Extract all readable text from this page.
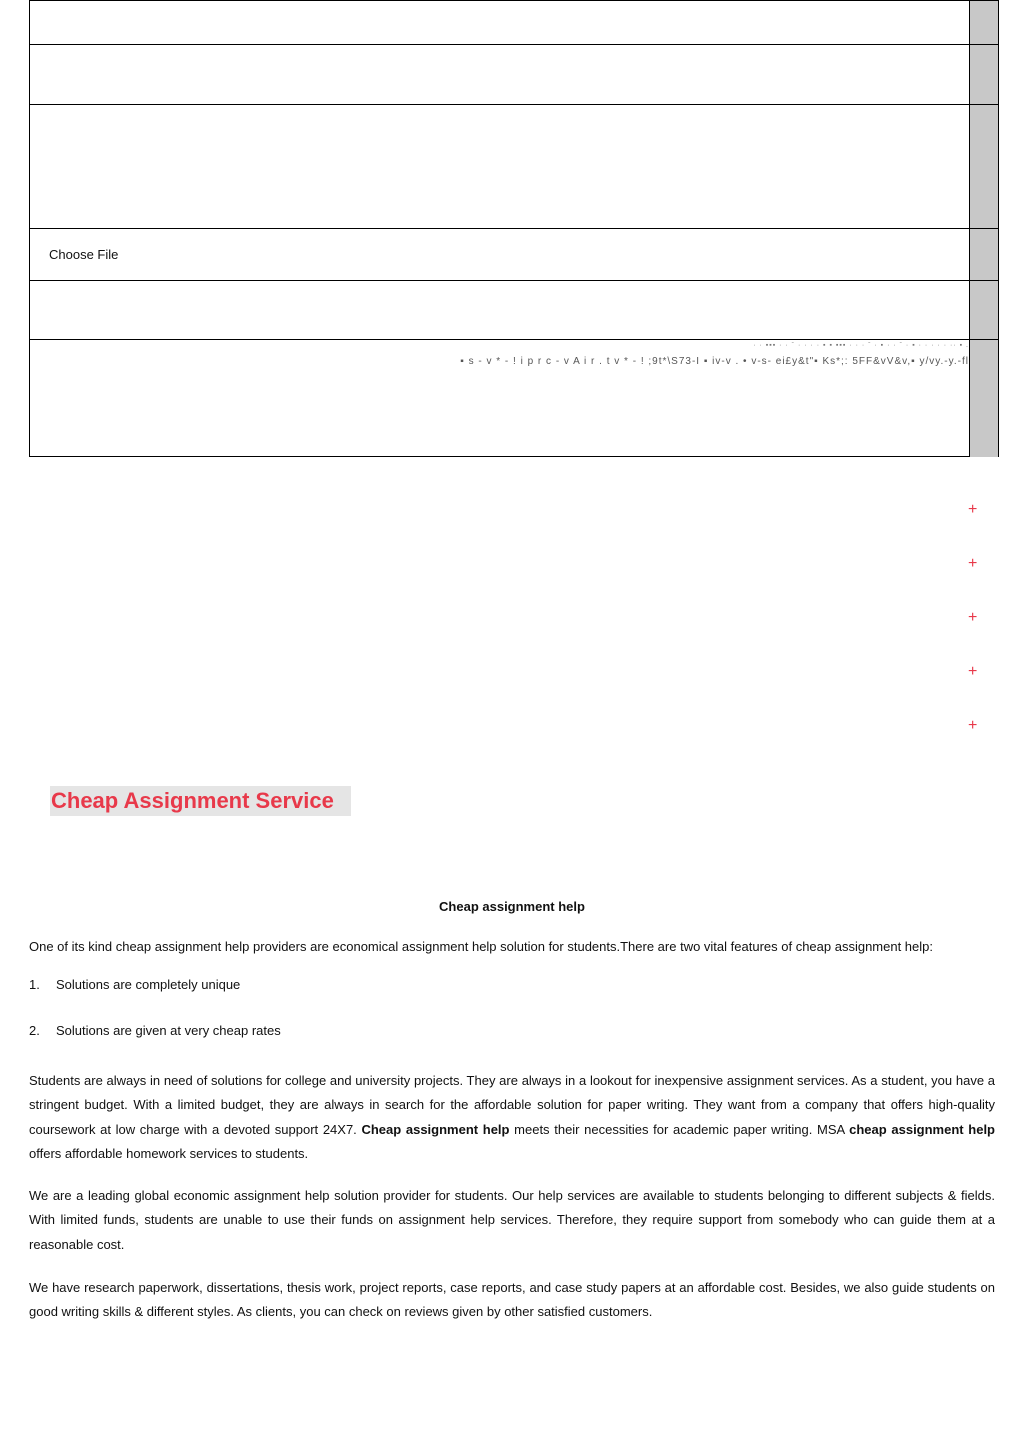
Choose File
· · ▪▪▪ · · ˉ · · · · ▪ ▪ ▪▪▪ · · · ˉ · ▪ · · ˉ · ▪ · · · · · ·· ▪ .
▪ s - v * - ! i p r c - v A i r . t v * - ! ;9t*\S73-I ▪ iv-v . • v-s- ei£y&t"▪ Ks*;: 5FF&vV&v,▪ y/vy.-y.-fl
+
+
+
+
+
Cheap Assignment Service
Cheap assignment help

One of its kind cheap assignment help providers are economical assignment help solution for students.There are two vital features of cheap assignment help:

1. Solutions are completely unique

2. Solutions are given at very cheap rates

Students are always in need of solutions for college and university projects. They are always in a lookout for inexpensive assignment services. As a student, you have a stringent budget. With a limited budget, they are always in search for the affordable solution for paper writing. They want from a company that offers high-quality coursework at low charge with a devoted support 24X7. Cheap assignment help meets their necessities for academic paper writing. MSA cheap assignment help offers affordable homework services to students.

We are a leading global economic assignment help solution provider for students. Our help services are available to students belonging to different subjects & fields. With limited funds, students are unable to use their funds on assignment help services. Therefore, they require support from somebody who can guide them at a reasonable cost.

We have research paperwork, dissertations, thesis work, project reports, case reports, and case study papers at an affordable cost. Besides, we also guide students on good writing skills & different styles. As clients, you can check on reviews given by other satisfied customers.
